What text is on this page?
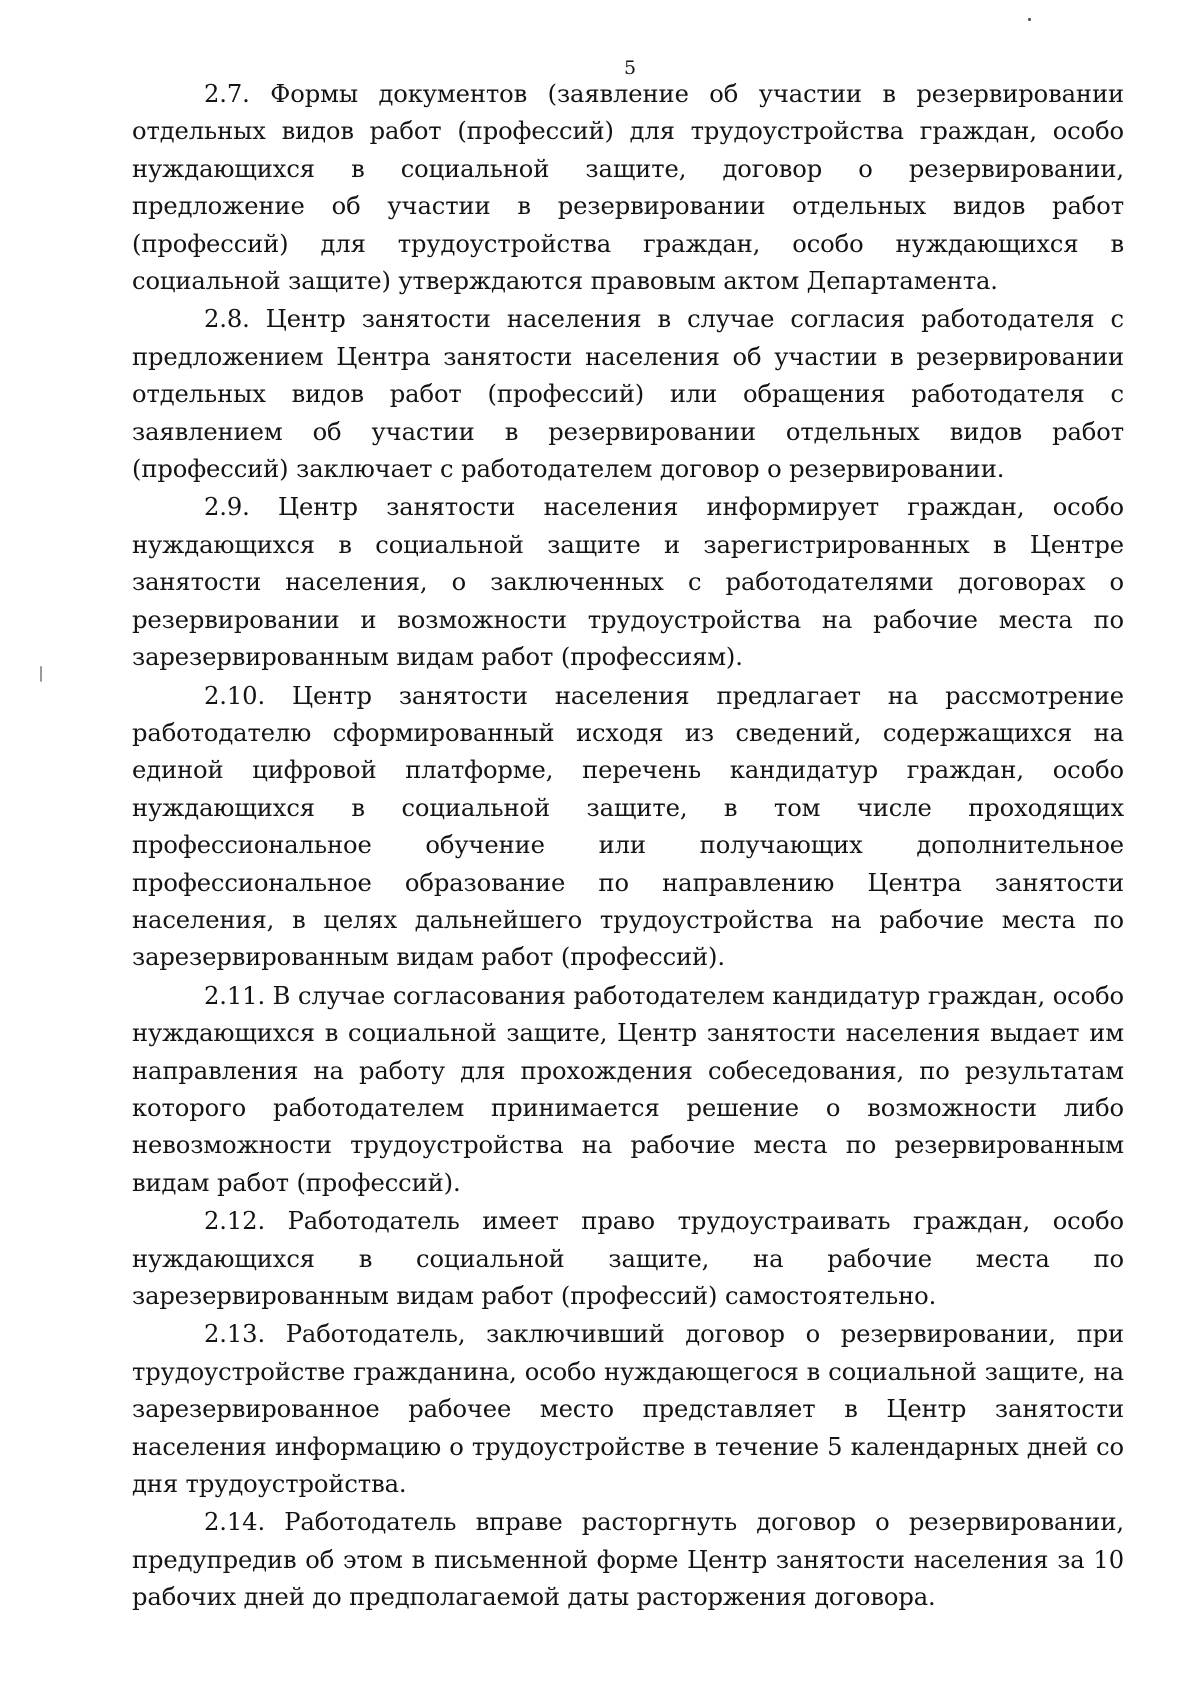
5

2.7. Формы документов (заявление об участии в резервировании отдельных видов работ (профессий) для трудоустройства граждан, особо нуждающихся в социальной защите, договор о резервировании, предложение об участии в резервировании отдельных видов работ (профессий) для трудоустройства граждан, особо нуждающихся в социальной защите) утверждаются правовым актом Департамента.

2.8. Центр занятости населения в случае согласия работодателя с предложением Центра занятости населения об участии в резервировании отдельных видов работ (профессий) или обращения работодателя с заявлением об участии в резервировании отдельных видов работ (профессий) заключает с работодателем договор о резервировании.

2.9. Центр занятости населения информирует граждан, особо нуждающихся в социальной защите и зарегистрированных в Центре занятости населения, о заключенных с работодателями договорах о резервировании и возможности трудоустройства на рабочие места по зарезервированным видам работ (профессиям).

2.10. Центр занятости населения предлагает на рассмотрение работодателю сформированный исходя из сведений, содержащихся на единой цифровой платформе, перечень кандидатур граждан, особо нуждающихся в социальной защите, в том числе проходящих профессиональное обучение или получающих дополнительное профессиональное образование по направлению Центра занятости населения, в целях дальнейшего трудоустройства на рабочие места по зарезервированным видам работ (профессий).

2.11. В случае согласования работодателем кандидатур граждан, особо нуждающихся в социальной защите, Центр занятости населения выдает им направления на работу для прохождения собеседования, по результатам которого работодателем принимается решение о возможности либо невозможности трудоустройства на рабочие места по резервированным видам работ (профессий).

2.12. Работодатель имеет право трудоустраивать граждан, особо нуждающихся в социальной защите, на рабочие места по зарезервированным видам работ (профессий) самостоятельно.

2.13. Работодатель, заключивший договор о резервировании, при трудоустройстве гражданина, особо нуждающегося в социальной защите, на зарезервированное рабочее место представляет в Центр занятости населения информацию о трудоустройстве в течение 5 календарных дней со дня трудоустройства.

2.14. Работодатель вправе расторгнуть договор о резервировании, предупредив об этом в письменной форме Центр занятости населения за 10 рабочих дней до предполагаемой даты расторжения договора.
